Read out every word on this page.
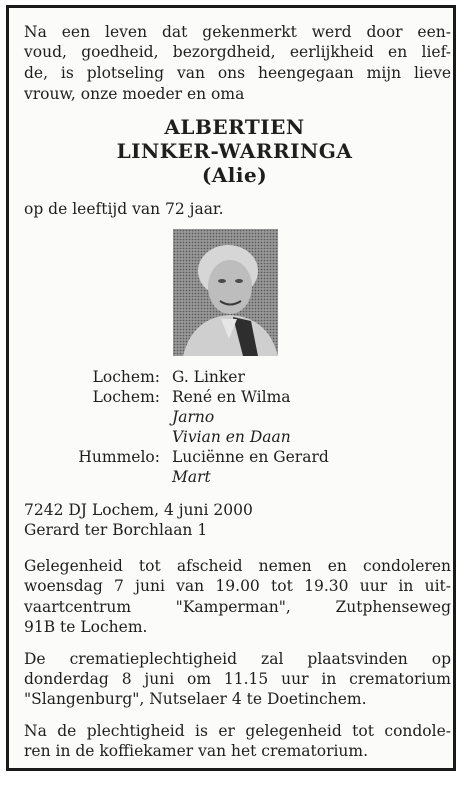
Na een leven dat gekenmerkt werd door een-
voud, goedheid, bezorgdheid, eerlijkheid en lief-
de, is plotseling van ons heengegaan mijn lieve
vrouw, onze moeder en oma
ALBERTIEN
LINKER-WARRINGA
(Alie)
op de leeftijd van 72 jaar.
Lochem: G. Linker
Lochem: René en Wilma
Jarno
Vivian en Daan
Hummelo: Luciënne en Gerard
Mart
7242 DJ Lochem, 4 juni 2000
Gerard ter Borchlaan 1
Gelegenheid tot afscheid nemen en condoleren
woensdag 7 juni van 19.00 tot 19.30 uur in uit-
vaartcentrum "Kamperman", Zutphenseweg
91B te Lochem.
De crematieplechtigheid zal plaatsvinden op
donderdag 8 juni om 11.15 uur in crematorium
"Slangenburg", Nutselaer 4 te Doetinchem.
Na de plechtigheid is er gelegenheid tot condole-
ren in de koffiekamer van het crematorium.
